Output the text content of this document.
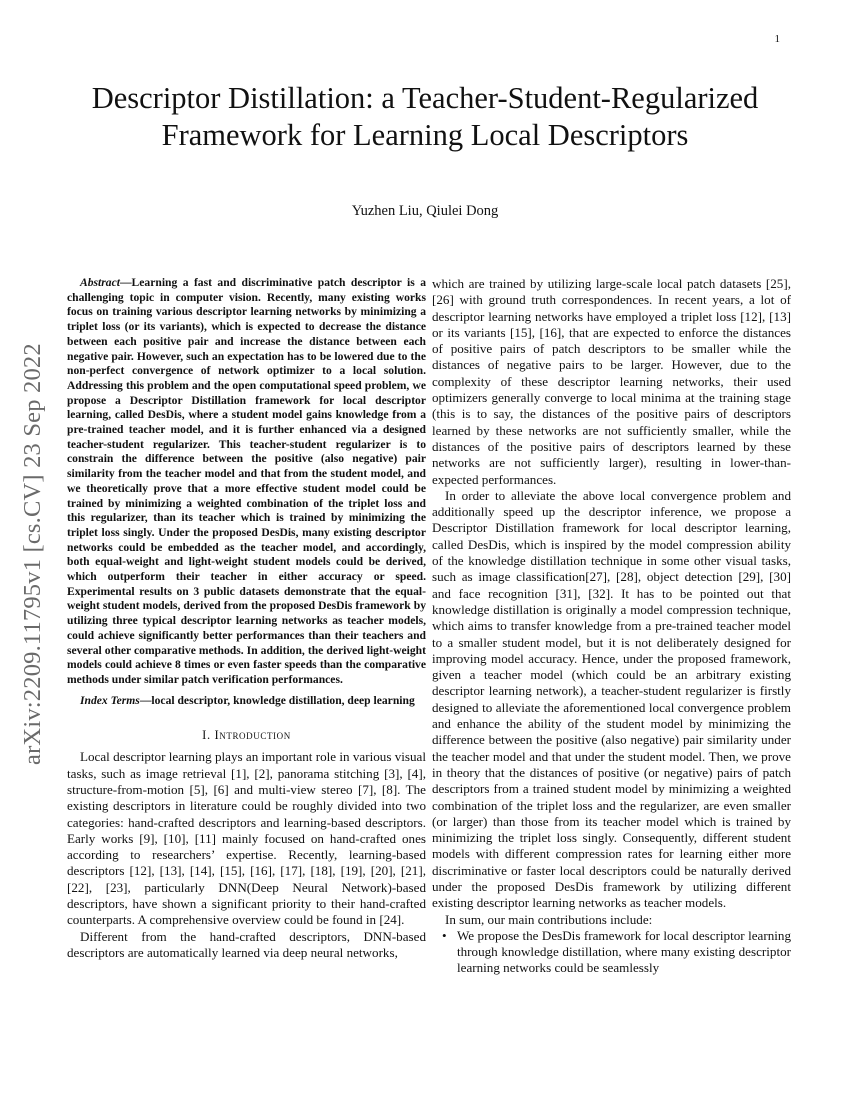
1
arXiv:2209.11795v1 [cs.CV] 23 Sep 2022
Descriptor Distillation: a Teacher-Student-Regularized Framework for Learning Local Descriptors
Yuzhen Liu, Qiulei Dong

Abstract—Learning a fast and discriminative patch descriptor is a challenging topic in computer vision. Recently, many existing works focus on training various descriptor learning networks by minimizing a triplet loss (or its variants), which is expected to decrease the distance between each positive pair and increase the distance between each negative pair. However, such an expectation has to be lowered due to the non-perfect convergence of network optimizer to a local solution. Addressing this problem and the open computational speed problem, we propose a Descriptor Distillation framework for local descriptor learning, called DesDis, where a student model gains knowledge from a pre-trained teacher model, and it is further enhanced via a designed teacher-student regularizer. This teacher-student regularizer is to constrain the difference between the positive (also negative) pair similarity from the teacher model and that from the student model, and we theoretically prove that a more effective student model could be trained by minimizing a weighted combination of the triplet loss and this regularizer, than its teacher which is trained by minimizing the triplet loss singly. Under the proposed DesDis, many existing descriptor networks could be embedded as the teacher model, and accordingly, both equal-weight and light-weight student models could be derived, which outperform their teacher in either accuracy or speed. Experimental results on 3 public datasets demonstrate that the equal-weight student models, derived from the proposed DesDis framework by utilizing three typical descriptor learning networks as teacher models, could achieve significantly better performances than their teachers and several other comparative methods. In addition, the derived light-weight models could achieve 8 times or even faster speeds than the comparative methods under similar patch verification performances.

Index Terms—local descriptor, knowledge distillation, deep learning

I. Introduction

Local descriptor learning plays an important role in various visual tasks, such as image retrieval [1], [2], panorama stitching [3], [4], structure-from-motion [5], [6] and multi-view stereo [7], [8]. The existing descriptors in literature could be roughly divided into two categories: hand-crafted descriptors and learning-based descriptors. Early works [9], [10], [11] mainly focused on hand-crafted ones according to researchers’ expertise. Recently, learning-based descriptors [12], [13], [14], [15], [16], [17], [18], [19], [20], [21], [22], [23], particularly DNN(Deep Neural Network)-based descriptors, have shown a significant priority to their hand-crafted counterparts. A comprehensive overview could be found in [24].

Different from the hand-crafted descriptors, DNN-based descriptors are automatically learned via deep neural networks,

which are trained by utilizing large-scale local patch datasets [25], [26] with ground truth correspondences. In recent years, a lot of descriptor learning networks have employed a triplet loss [12], [13] or its variants [15], [16], that are expected to enforce the distances of positive pairs of patch descriptors to be smaller while the distances of negative pairs to be larger. However, due to the complexity of these descriptor learning networks, their used optimizers generally converge to local minima at the training stage (this is to say, the distances of the positive pairs of descriptors learned by these networks are not sufficiently smaller, while the distances of the positive pairs of descriptors learned by these networks are not sufficiently larger), resulting in lower-than-expected performances.

In order to alleviate the above local convergence problem and additionally speed up the descriptor inference, we propose a Descriptor Distillation framework for local descriptor learning, called DesDis, which is inspired by the model compression ability of the knowledge distillation technique in some other visual tasks, such as image classification[27], [28], object detection [29], [30] and face recognition [31], [32]. It has to be pointed out that knowledge distillation is originally a model compression technique, which aims to transfer knowledge from a pre-trained teacher model to a smaller student model, but it is not deliberately designed for improving model accuracy. Hence, under the proposed framework, given a teacher model (which could be an arbitrary existing descriptor learning network), a teacher-student regularizer is firstly designed to alleviate the aforementioned local convergence problem and enhance the ability of the student model by minimizing the difference between the positive (also negative) pair similarity under the teacher model and that under the student model. Then, we prove in theory that the distances of positive (or negative) pairs of patch descriptors from a trained student model by minimizing a weighted combination of the triplet loss and the regularizer, are even smaller (or larger) than those from its teacher model which is trained by minimizing the triplet loss singly. Consequently, different student models with different compression rates for learning either more discriminative or faster local descriptors could be naturally derived under the proposed DesDis framework by utilizing different existing descriptor learning networks as teacher models.

In sum, our main contributions include:

• We propose the DesDis framework for local descriptor learning through knowledge distillation, where many existing descriptor learning networks could be seamlessly
